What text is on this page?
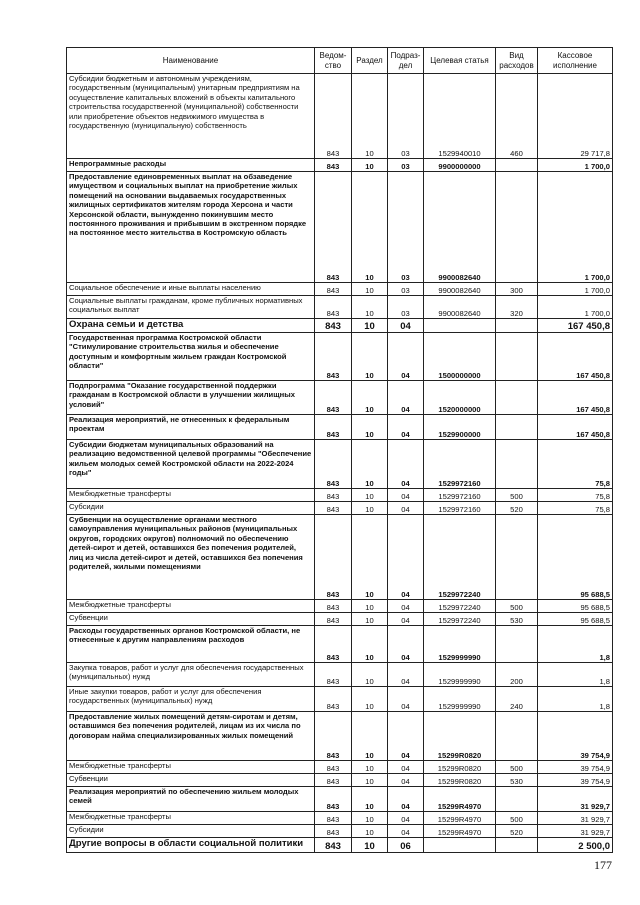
Наименование	Ведом-ство	Раздел	Подраз-дел	Целевая статья	Вид расходов	Кассовое исполнение
Субсидии бюджетным и автономным учреждениям, государственным (муниципальным) унитарным предприятиям на осуществление капитальных вложений в объекты капитального строительства государственной (муниципальной) собственности или приобретение объектов недвижимого имущества в государственную (муниципальную) собственность	843	10	03	1529940010	460	29 717,8
Непрограммные расходы	843	10	03	9900000000		1 700,0
Предоставление единовременных выплат на обзаведение имуществом и социальных выплат на приобретение жилых помещений на основании выдаваемых государственных жилищных сертификатов жителям города Херсона и части Херсонской области, вынужденно покинувшим место постоянного проживания и прибывшим в экстренном порядке на постоянное место жительства в Костромскую область	843	10	03	9900082640		1 700,0
Социальное обеспечение и иные выплаты населению	843	10	03	9900082640	300	1 700,0
Социальные выплаты гражданам, кроме публичных нормативных социальных выплат	843	10	03	9900082640	320	1 700,0
Охрана семьи и детства	843	10	04			167 450,8
Государственная программа Костромской области "Стимулирование строительства жилья и обеспечение доступным и комфортным жильем граждан Костромской области"	843	10	04	1500000000		167 450,8
Подпрограмма "Оказание государственной поддержки гражданам в Костромской области в улучшении жилищных условий"	843	10	04	1520000000		167 450,8
Реализация мероприятий, не отнесенных к федеральным проектам	843	10	04	1529900000		167 450,8
Субсидии бюджетам муниципальных образований на реализацию ведомственной целевой программы "Обеспечение жильем молодых семей Костромской области на 2022-2024 годы"	843	10	04	1529972160		75,8
Межбюджетные трансферты	843	10	04	1529972160	500	75,8
Субсидии	843	10	04	1529972160	520	75,8
Субвенции на осуществление органами местного самоуправления муниципальных районов (муниципальных округов, городских округов) полномочий по обеспечению детей-сирот и детей, оставшихся без попечения родителей, лиц из числа детей-сирот и детей, оставшихся без попечения родителей, жилыми помещениями	843	10	04	1529972240		95 688,5
Межбюджетные трансферты	843	10	04	1529972240	500	95 688,5
Субвенции	843	10	04	1529972240	530	95 688,5
Расходы государственных органов Костромской области, не отнесенные к другим направлениям расходов	843	10	04	1529999990		1,8
Закупка товаров, работ и услуг для обеспечения государственных (муниципальных) нужд	843	10	04	1529999990	200	1,8
Иные закупки товаров, работ и услуг для обеспечения государственных (муниципальных) нужд	843	10	04	1529999990	240	1,8
Предоставление жилых помещений детям-сиротам и детям, оставшимся без попечения родителей, лицам из их числа по договорам найма специализированных жилых помещений	843	10	04	15299R0820		39 754,9
Межбюджетные трансферты	843	10	04	15299R0820	500	39 754,9
Субвенции	843	10	04	15299R0820	530	39 754,9
Реализация мероприятий по обеспечению жильем молодых семей	843	10	04	15299R4970		31 929,7
Межбюджетные трансферты	843	10	04	15299R4970	500	31 929,7
Субсидии	843	10	04	15299R4970	520	31 929,7
Другие вопросы в области социальной политики	843	10	06			2 500,0
177
